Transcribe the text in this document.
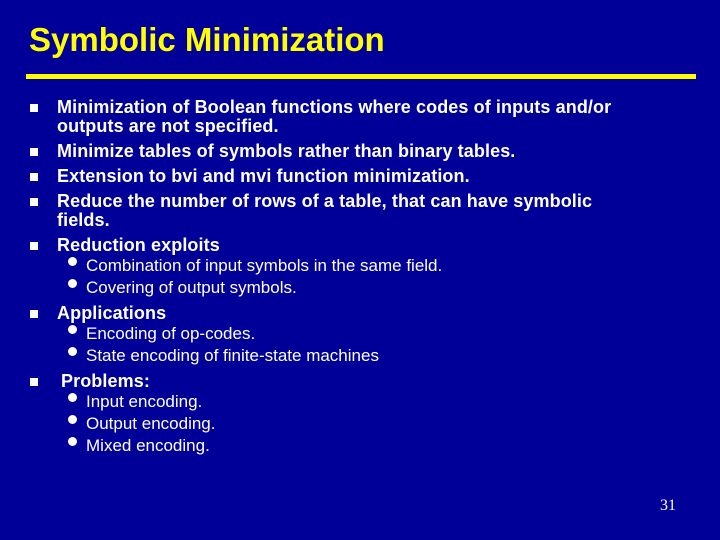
Symbolic Minimization
Minimization of Boolean functions where codes of inputs and/or
outputs are not specified.
Minimize tables of symbols rather than binary tables.
Extension to bvi and mvi function minimization.
Reduce the number of rows of a table, that can have symbolic
fields.
Reduction exploits
Combination of input symbols in the same field.
Covering of output symbols.
Applications
Encoding of op-codes.
State encoding of finite-state machines
Problems:
Input encoding.
Output encoding.
Mixed encoding.
31
